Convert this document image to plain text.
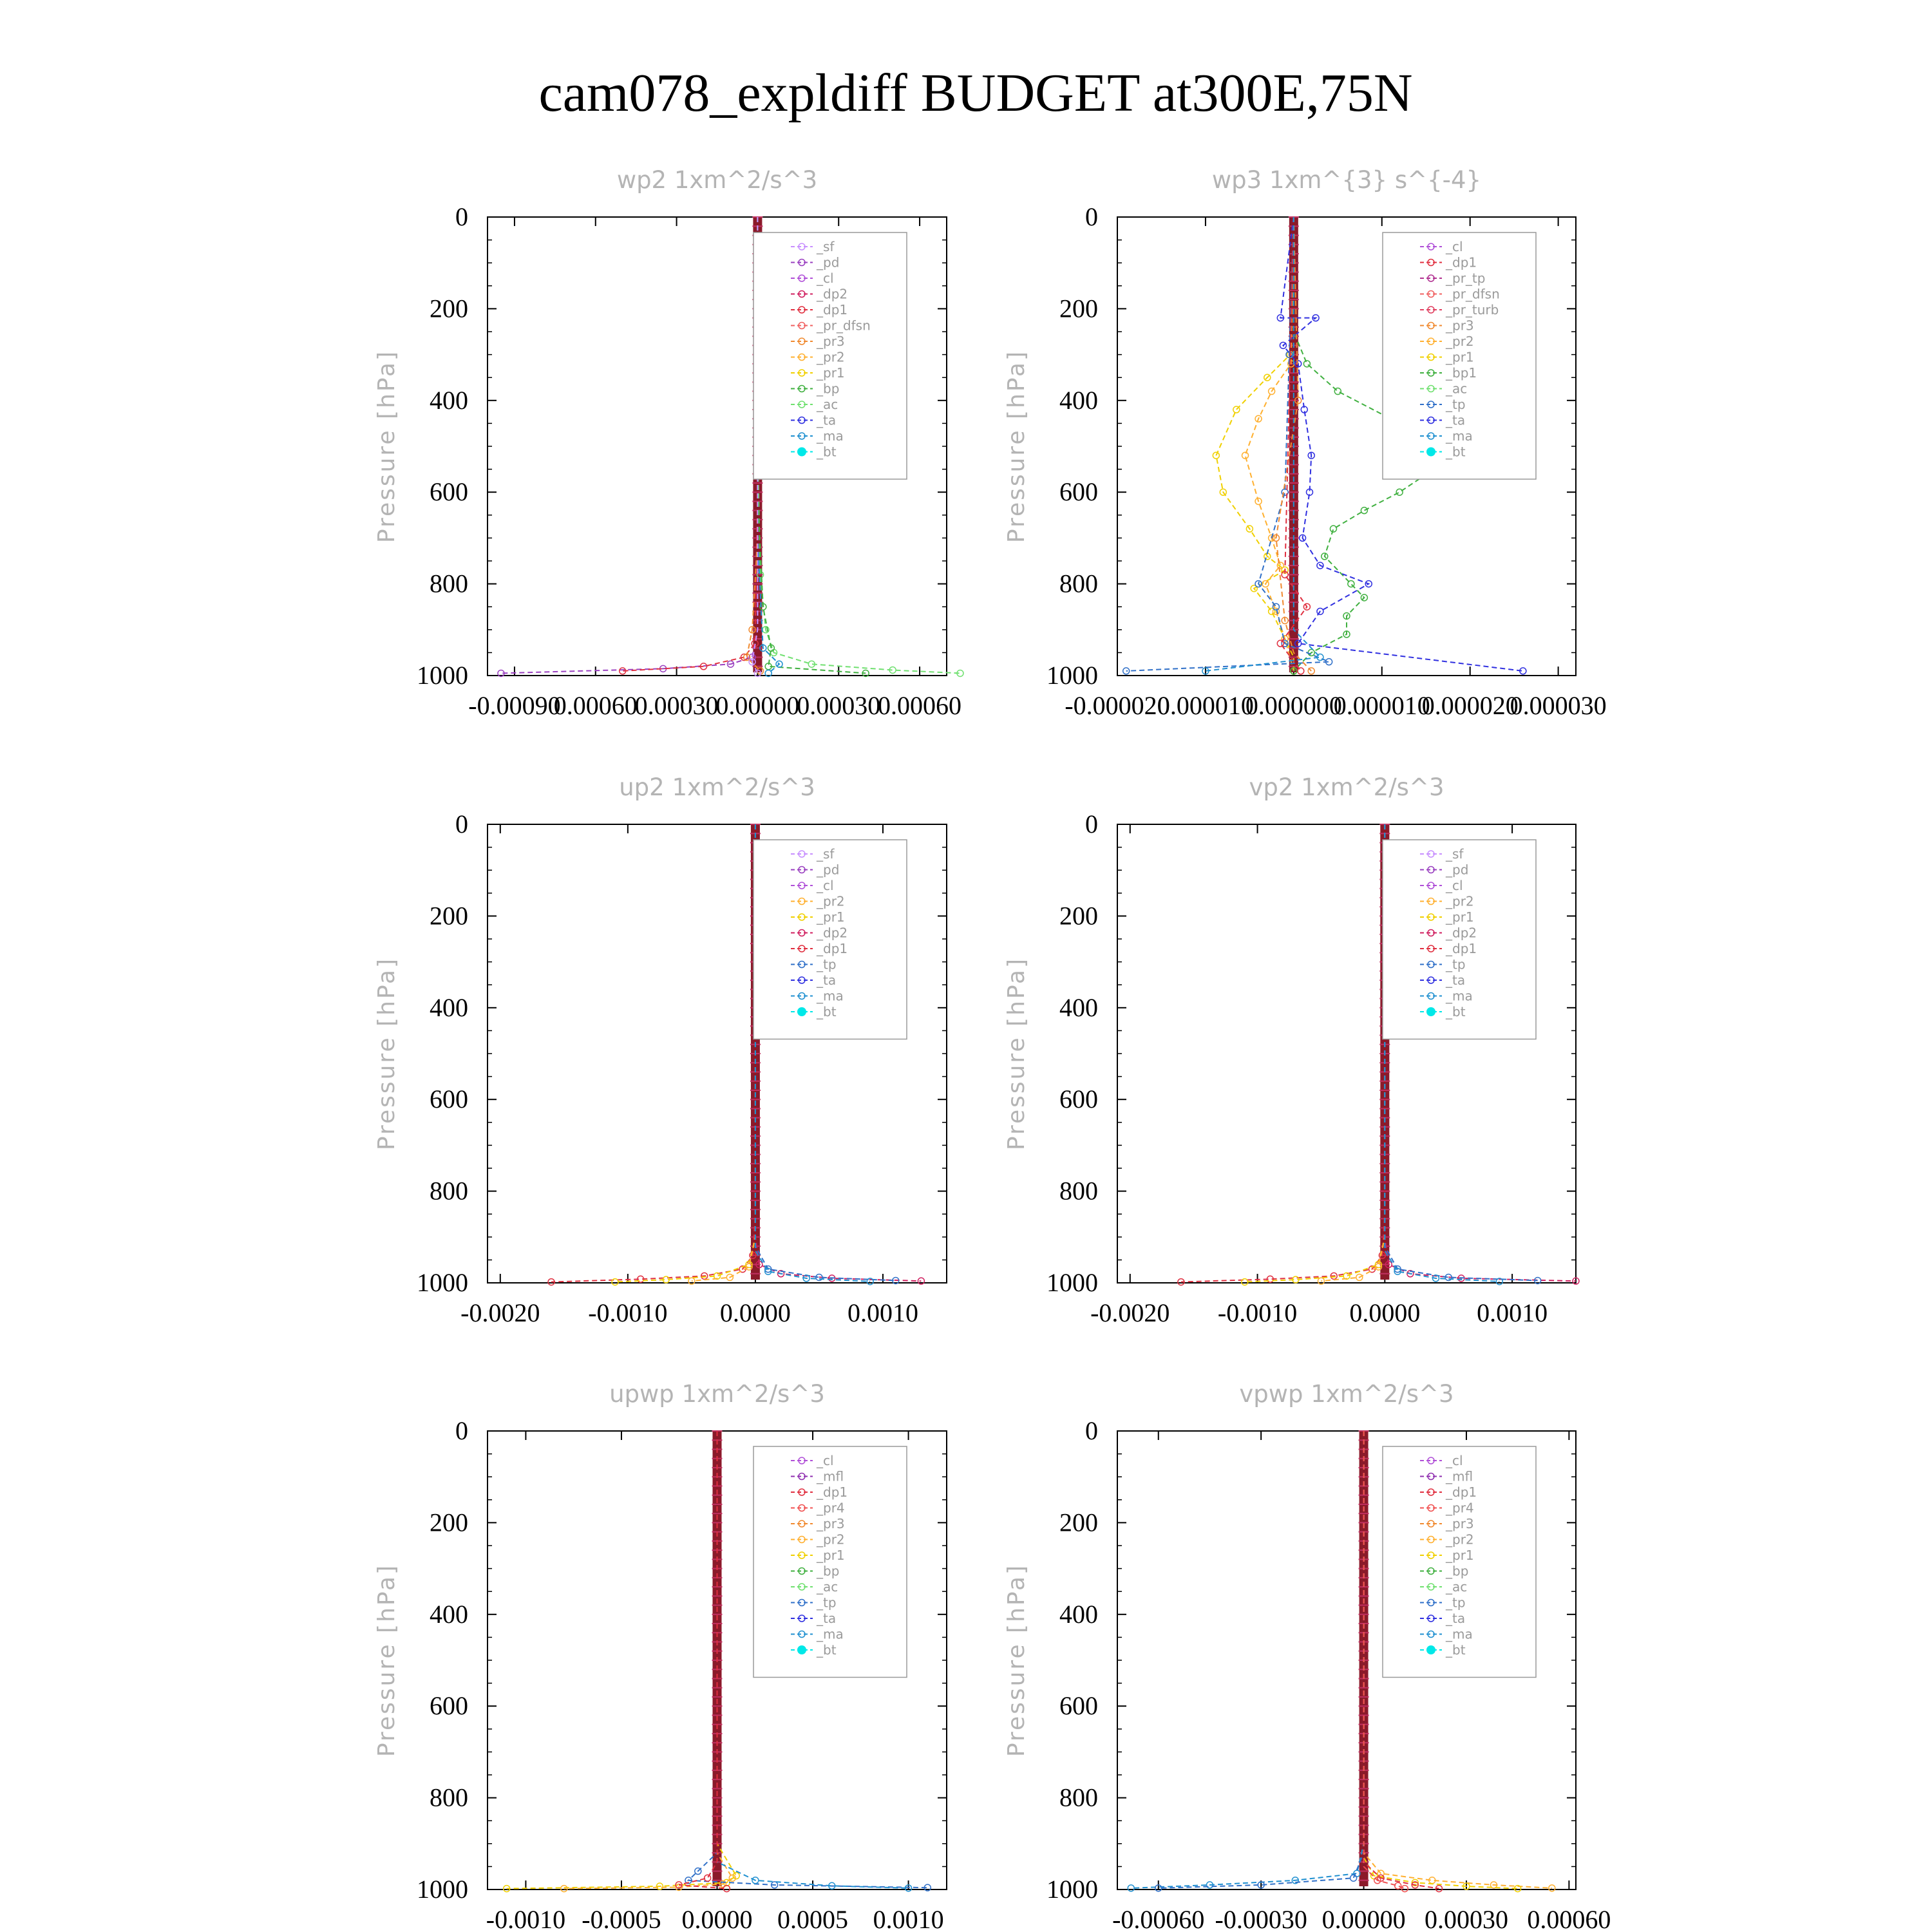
cam078_expldiff BUDGET at300E,75N
wp2 1xm^2/s^3
Pressure [hPa]
0
200
400
600
800
1000
-0.00090
0.00060
0.00030
0.00000
0.00030
0.00060
_sf
_pd
_cl
_dp2
_dp1
_pr_dfsn
_pr3
_pr2
_pr1
_bp
_ac
_ta
_ma
_bt
wp3 1xm^{3} s^{-4}
Pressure [hPa]
0
200
400
600
800
1000
-0.000020
0.000010
0.000000
0.000010
0.000020
0.000030
_cl
_dp1
_pr_tp
_pr_dfsn
_pr_turb
_pr3
_pr2
_pr1
_bp1
_ac
_tp
_ta
_ma
_bt
up2 1xm^2/s^3
Pressure [hPa]
0
200
400
600
800
1000
-0.0020 -0.0010 0.0000 0.0010
_sf
_pd
_cl
_pr2
_pr1
_dp2
_dp1
_tp
_ta
_ma
_bt
vp2 1xm^2/s^3
Pressure [hPa]
0
200
400
600
800
1000
-0.0020 -0.0010 0.0000 0.0010
_sf
_pd
_cl
_pr2
_pr1
_dp2
_dp1
_tp
_ta
_ma
_bt
upwp 1xm^2/s^3
Pressure [hPa]
0
200
400
600
800
1000
-0.0010 -0.0005 0.0000 0.0005 0.0010
_cl
_mfl
_dp1
_pr4
_pr3
_pr2
_pr1
_bp
_ac
_tp
_ta
_ma
_bt
vpwp 1xm^2/s^3
Pressure [hPa]
0
200
400
600
800
1000
-0.00060 -0.00030 0.00000 0.00030 0.00060
_cl
_mfl
_dp1
_pr4
_pr3
_pr2
_pr1
_bp
_ac
_tp
_ta
_ma
_bt
